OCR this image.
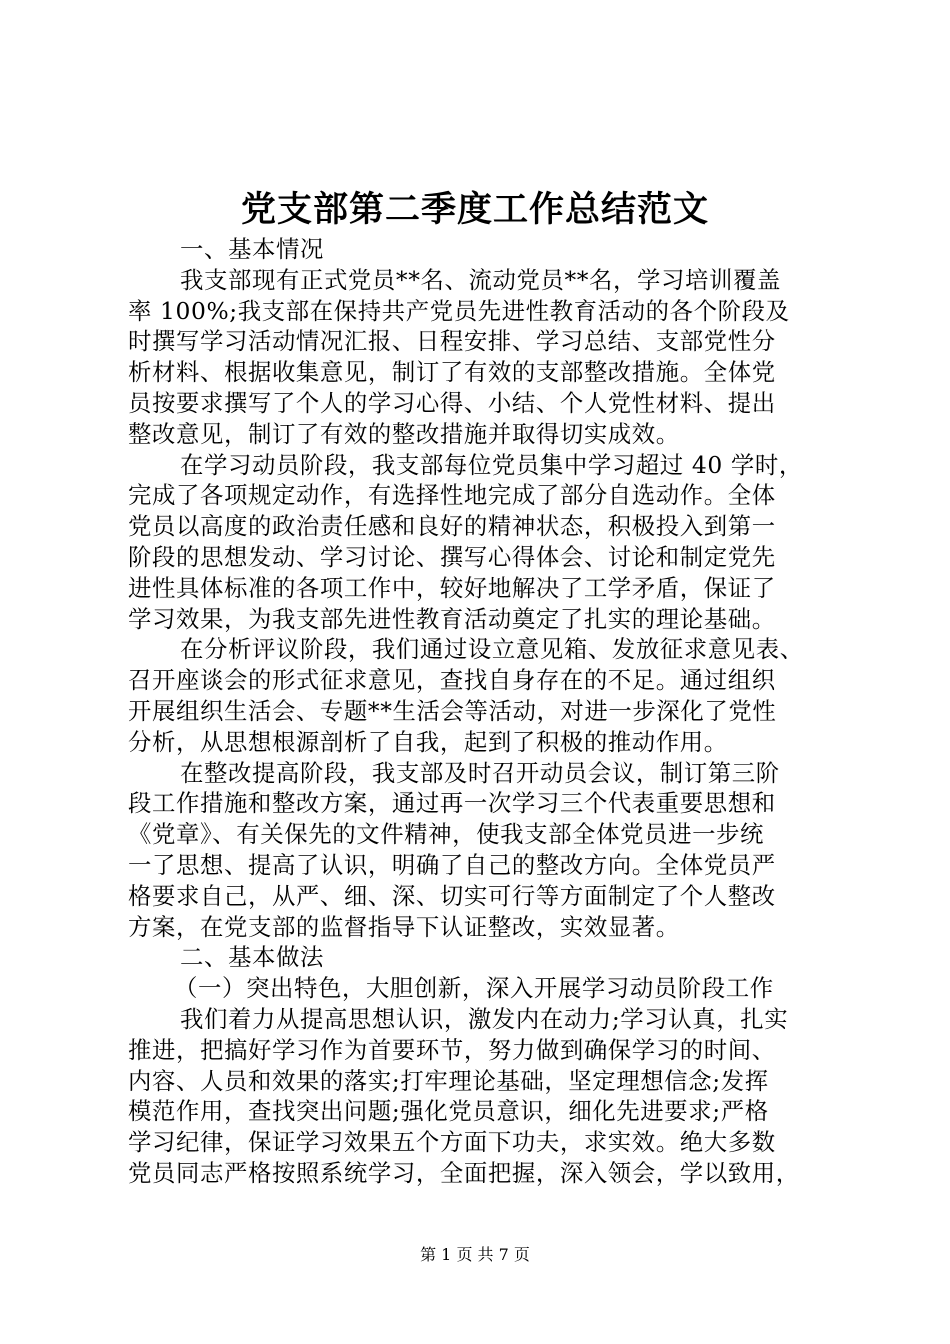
党支部第二季度工作总结范文
一、基本情况
我支部现有正式党员**名、流动党员**名，学习培训覆盖
率 100%;我支部在保持共产党员先进性教育活动的各个阶段及
时撰写学习活动情况汇报、日程安排、学习总结、支部党性分
析材料、根据收集意见，制订了有效的支部整改措施。全体党
员按要求撰写了个人的学习心得、小结、个人党性材料、提出
整改意见，制订了有效的整改措施并取得切实成效。
在学习动员阶段，我支部每位党员集中学习超过 40 学时，
完成了各项规定动作，有选择性地完成了部分自选动作。全体
党员以高度的政治责任感和良好的精神状态，积极投入到第一
阶段的思想发动、学习讨论、撰写心得体会、讨论和制定党先
进性具体标准的各项工作中，较好地解决了工学矛盾，保证了
学习效果，为我支部先进性教育活动奠定了扎实的理论基础。
在分析评议阶段，我们通过设立意见箱、发放征求意见表、
召开座谈会的形式征求意见，查找自身存在的不足。通过组织
开展组织生活会、专题**生活会等活动，对进一步深化了党性
分析，从思想根源剖析了自我，起到了积极的推动作用。
在整改提高阶段，我支部及时召开动员会议，制订第三阶
段工作措施和整改方案，通过再一次学习三个代表重要思想和
《党章》、有关保先的文件精神，使我支部全体党员进一步统
一了思想、提高了认识，明确了自己的整改方向。全体党员严
格要求自己，从严、细、深、切实可行等方面制定了个人整改
方案，在党支部的监督指导下认证整改，实效显著。
二、基本做法
（一）突出特色，大胆创新，深入开展学习动员阶段工作
我们着力从提高思想认识，激发内在动力;学习认真，扎实
推进，把搞好学习作为首要环节，努力做到确保学习的时间、
内容、人员和效果的落实;打牢理论基础，坚定理想信念;发挥
模范作用，查找突出问题;强化党员意识，细化先进要求;严格
学习纪律，保证学习效果五个方面下功夫，求实效。绝大多数
党员同志严格按照系统学习，全面把握，深入领会，学以致用，
第 1 页 共 7 页
